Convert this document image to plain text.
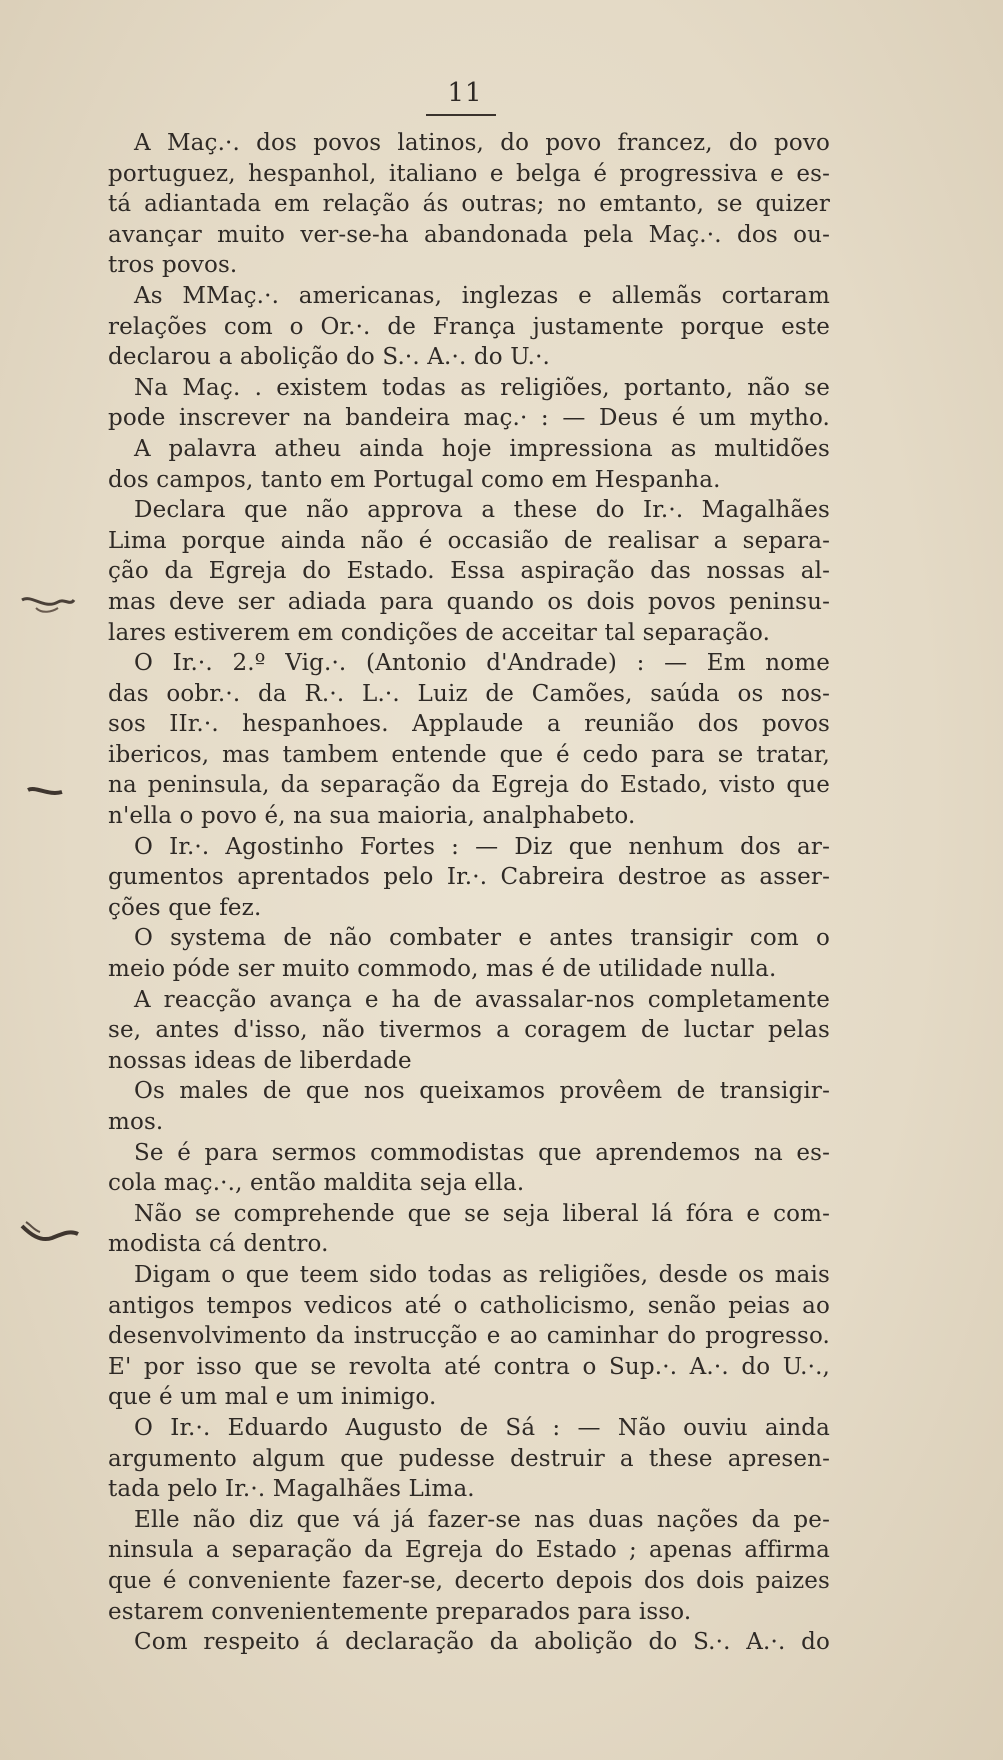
11
A Maç.·. dos povos latinos, do povo francez, do povo
portuguez, hespanhol, italiano e belga é progressiva e es-
tá adiantada em relação ás outras; no emtanto, se quizer
avançar muito ver-se-ha abandonada pela Maç.·. dos ou-
tros povos.
As MMaç.·. americanas, inglezas e allemãs cortaram
relações com o Or.·. de França justamente porque este
declarou a abolição do S.·. A.·. do U.·.
Na Maç. . existem todas as religiões, portanto, não se
pode inscrever na bandeira maç.· : — Deus é um mytho.
A palavra atheu ainda hoje impressiona as multidões
dos campos, tanto em Portugal como em Hespanha.
Declara que não approva a these do Ir.·. Magalhães
Lima porque ainda não é occasião de realisar a separa-
ção da Egreja do Estado. Essa aspiração das nossas al-
mas deve ser adiada para quando os dois povos peninsu-
lares estiverem em condições de acceitar tal separação.
O Ir.·. 2.º Vig.·. (Antonio d'Andrade) : — Em nome
das oobr.·. da R.·. L.·. Luiz de Camões, saúda os nos-
sos IIr.·. hespanhoes. Applaude a reunião dos povos
ibericos, mas tambem entende que é cedo para se tratar,
na peninsula, da separação da Egreja do Estado, visto que
n'ella o povo é, na sua maioria, analphabeto.
O Ir.·. Agostinho Fortes : — Diz que nenhum dos ar-
gumentos aprentados pelo Ir.·. Cabreira destroe as asser-
ções que fez.
O systema de não combater e antes transigir com o
meio póde ser muito commodo, mas é de utilidade nulla.
A reacção avança e ha de avassalar-nos completamente
se, antes d'isso, não tivermos a coragem de luctar pelas
nossas ideas de liberdade
Os males de que nos queixamos provêem de transigir-
mos.
Se é para sermos commodistas que aprendemos na es-
cola maç.·., então maldita seja ella.
Não se comprehende que se seja liberal lá fóra e com-
modista cá dentro.
Digam o que teem sido todas as religiões, desde os mais
antigos tempos vedicos até o catholicismo, senão peias ao
desenvolvimento da instrucção e ao caminhar do progresso.
E' por isso que se revolta até contra o Sup.·. A.·. do U.·.,
que é um mal e um inimigo.
O Ir.·. Eduardo Augusto de Sá : — Não ouviu ainda
argumento algum que pudesse destruir a these apresen-
tada pelo Ir.·. Magalhães Lima.
Elle não diz que vá já fazer-se nas duas nações da pe-
ninsula a separação da Egreja do Estado ; apenas affirma
que é conveniente fazer-se, decerto depois dos dois paizes
estarem convenientemente preparados para isso.
Com respeito á declaração da abolição do S.·. A.·. do
